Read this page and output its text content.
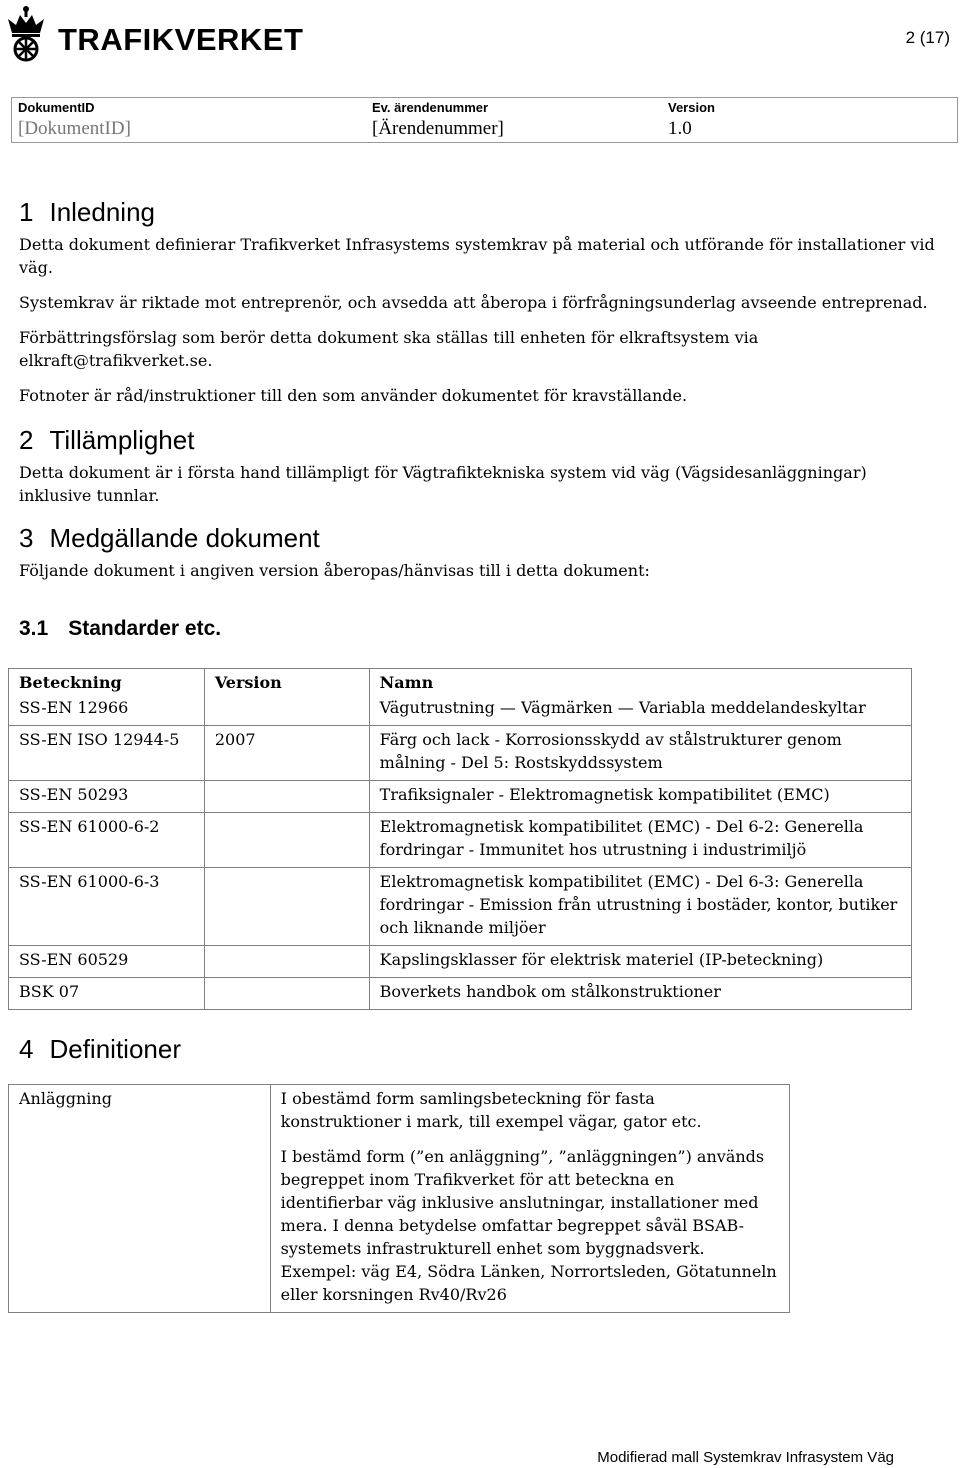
TRAFIKVERKET	2 (17)
DokumentID
[DokumentID]
Ev. ärendenummer
[Ärendenummer]
Version
1.0
1 Inledning

Detta dokument definierar Trafikverket Infrasystems systemkrav på material och utförande för installationer vid väg.

Systemkrav är riktade mot entreprenör, och avsedda att åberopa i förfrågningsunderlag avseende entreprenad.

Förbättringsförslag som berör detta dokument ska ställas till enheten för elkraftsystem via elkraft@trafikverket.se.

Fotnoter är råd/instruktioner till den som använder dokumentet för kravställande.

2 Tillämplighet

Detta dokument är i första hand tillämpligt för Vägtrafiktekniska system vid väg (Vägsidesanläggningar) inklusive tunnlar.

3 Medgällande dokument

Följande dokument i angiven version åberopas/hänvisas till i detta dokument:

3.1 Standarder etc.
Beteckning	Version	Namn
SS-EN 12966		Vägutrustning — Vägmärken — Variabla meddelandeskyltar
SS-EN ISO 12944-5	2007	Färg och lack - Korrosionsskydd av stålstrukturer genom målning - Del 5: Rostskyddssystem
SS-EN 50293		Trafiksignaler - Elektromagnetisk kompatibilitet (EMC)
SS-EN 61000-6-2		Elektromagnetisk kompatibilitet (EMC) - Del 6-2: Generella fordringar - Immunitet hos utrustning i industrimiljö
SS-EN 61000-6-3		Elektromagnetisk kompatibilitet (EMC) - Del 6-3: Generella fordringar - Emission från utrustning i bostäder, kontor, butiker och liknande miljöer
SS-EN 60529		Kapslingsklasser för elektrisk materiel (IP-beteckning)
BSK 07		Boverkets handbok om stålkonstruktioner
4 Definitioner
Anläggning	I obestämd form samlingsbeteckning för fasta konstruktioner i mark, till exempel vägar, gator etc.
I bestämd form (”en anläggning”, ”anläggningen”) används begreppet inom Trafikverket för att beteckna en identifierbar väg inklusive anslutningar, installationer med mera. I denna betydelse omfattar begreppet såväl BSAB-systemets infrastrukturell enhet som byggnadsverk. Exempel: väg E4, Södra Länken, Norrortsleden, Götatunneln eller korsningen Rv40/Rv26
Modifierad mall Systemkrav Infrasystem Väg
